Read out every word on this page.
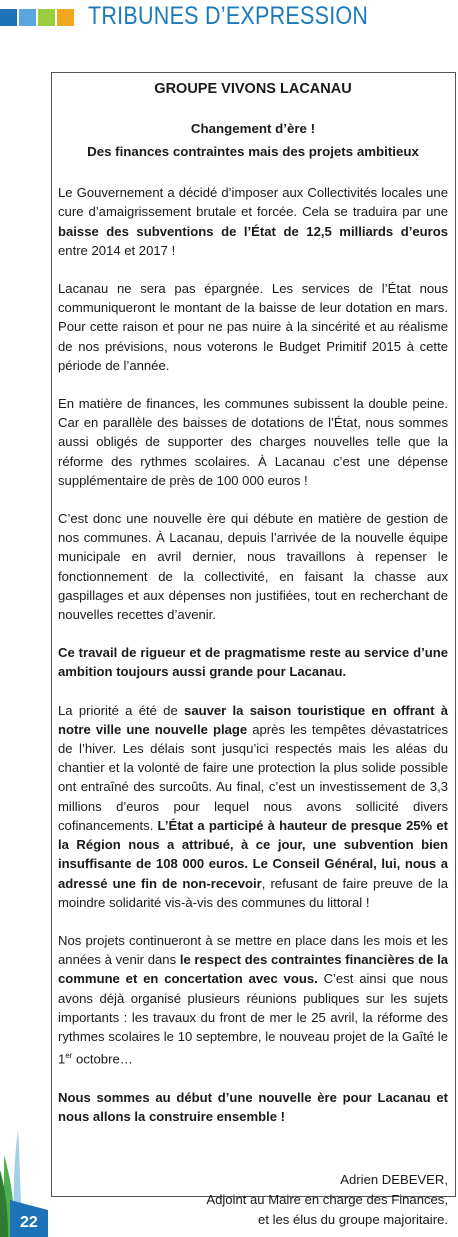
TRIBUNES D’EXPRESSION
GROUPE VIVONS LACANAU
Changement d’ère !
Des finances contraintes mais des projets ambitieux

Le Gouvernement a décidé d’imposer aux Collectivités locales une cure d’amaigrissement brutale et forcée. Cela se traduira par une baisse des subventions de l’État de 12,5 milliards d’euros entre 2014 et 2017 !

Lacanau ne sera pas épargnée. Les services de l’État nous communiqueront le montant de la baisse de leur dotation en mars. Pour cette raison et pour ne pas nuire à la sincérité et au réalisme de nos prévisions, nous voterons le Budget Primitif 2015 à cette période de l’année.

En matière de finances, les communes subissent la double peine. Car en parallèle des baisses de dotations de l’État, nous sommes aussi obligés de supporter des charges nouvelles telle que la réforme des rythmes scolaires. À Lacanau c’est une dépense supplémentaire de près de 100 000 euros !

C’est donc une nouvelle ère qui débute en matière de gestion de nos communes. À Lacanau, depuis l’arrivée de la nouvelle équipe municipale en avril dernier, nous travaillons à repenser le fonctionnement de la collectivité, en faisant la chasse aux gaspillages et aux dépenses non justifiées, tout en recherchant de nouvelles recettes d’avenir.

Ce travail de rigueur et de pragmatisme reste au service d’une ambition toujours aussi grande pour Lacanau.

La priorité a été de sauver la saison touristique en offrant à notre ville une nouvelle plage après les tempêtes dévastatrices de l’hiver. Les délais sont jusqu’ici respectés mais les aléas du chantier et la volonté de faire une protection la plus solide possible ont entraîné des surcoûts. Au final, c’est un investissement de 3,3 millions d’euros pour lequel nous avons sollicité divers cofinancements. L’État a participé à hauteur de presque 25% et la Région nous a attribué, à ce jour, une subvention bien insuffisante de 108 000 euros. Le Conseil Général, lui, nous a adressé une fin de non-recevoir, refusant de faire preuve de la moindre solidarité vis-à-vis des communes du littoral !

Nos projets continueront à se mettre en place dans les mois et les années à venir dans le respect des contraintes financières de la commune et en concertation avec vous. C’est ainsi que nous avons déjà organisé plusieurs réunions publiques sur les sujets importants : les travaux du front de mer le 25 avril, la réforme des rythmes scolaires le 10 septembre, le nouveau projet de la Gaîté le 1er octobre…

Nous sommes au début d’une nouvelle ère pour Lacanau et nous allons la construire ensemble !

Adrien DEBEVER,
Adjoint au Maire en charge des Finances,
et les élus du groupe majoritaire.
22
